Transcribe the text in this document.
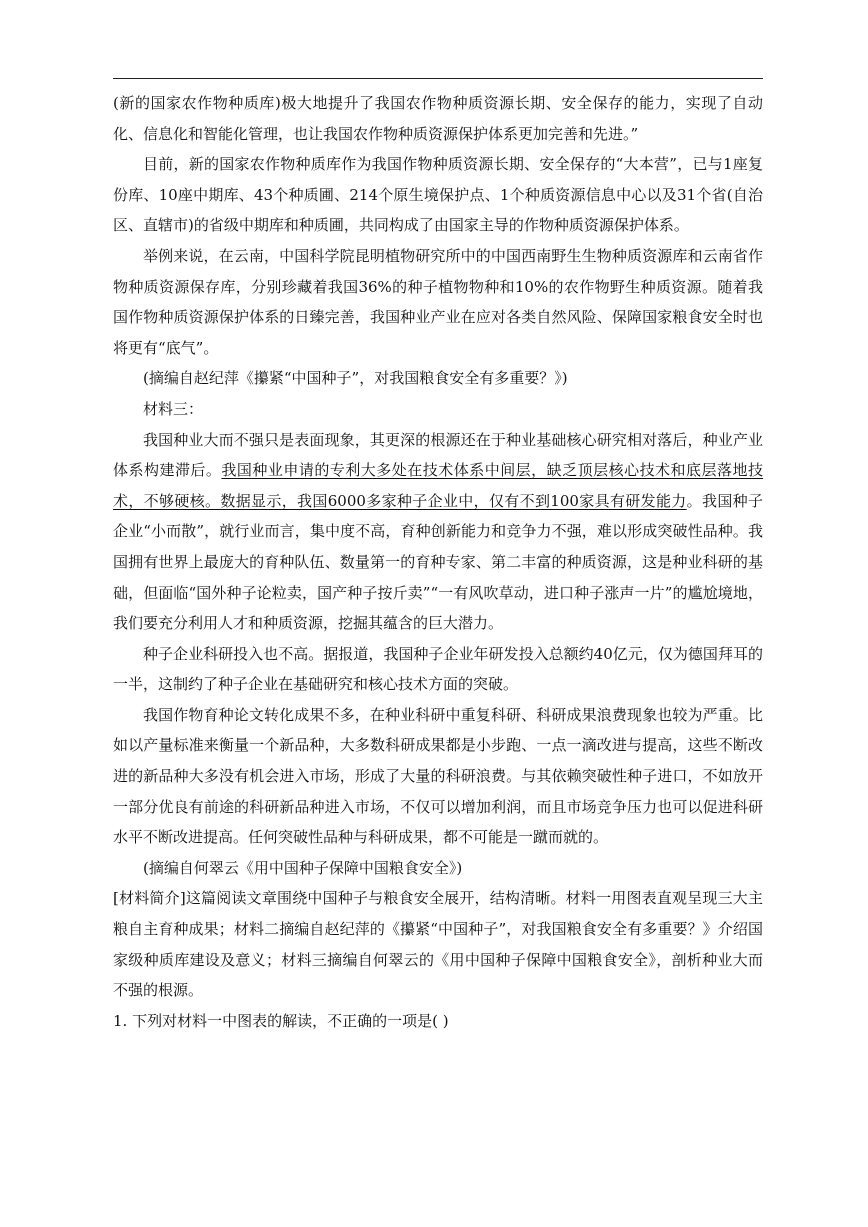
(新的国家农作物种质库)极大地提升了我国农作物种质资源长期、安全保存的能力，实现了自动化、信息化和智能化管理，也让我国农作物种质资源保护体系更加完善和先进。”

目前，新的国家农作物种质库作为我国作物种质资源长期、安全保存的“大本营”，已与1座复份库、10座中期库、43个种质圃、214个原生境保护点、1个种质资源信息中心以及31个省(自治区、直辖市)的省级中期库和种质圃，共同构成了由国家主导的作物种质资源保护体系。

举例来说，在云南，中国科学院昆明植物研究所中的中国西南野生生物种质资源库和云南省作物种质资源保存库，分别珍藏着我国36%的种子植物物种和10%的农作物野生种质资源。随着我国作物种质资源保护体系的日臻完善，我国种业产业在应对各类自然风险、保障国家粮食安全时也将更有“底气”。

(摘编自赵纪萍《攥紧“中国种子”，对我国粮食安全有多重要？》)

材料三：

我国种业大而不强只是表面现象，其更深的根源还在于种业基础核心研究相对落后，种业产业体系构建滞后。我国种业申请的专利大多处在技术体系中间层，缺乏顶层核心技术和底层落地技术，不够硬核。数据显示，我国6000多家种子企业中，仅有不到100家具有研发能力。我国种子企业“小而散”，就行业而言，集中度不高，育种创新能力和竞争力不强，难以形成突破性品种。我国拥有世界上最庞大的育种队伍、数量第一的育种专家、第二丰富的种质资源，这是种业科研的基础，但面临“国外种子论粒卖，国产种子按斤卖”“一有风吹草动，进口种子涨声一片”的尴尬境地，我们要充分利用人才和种质资源，挖掘其蕴含的巨大潜力。

种子企业科研投入也不高。据报道，我国种子企业年研发投入总额约40亿元，仅为德国拜耳的一半，这制约了种子企业在基础研究和核心技术方面的突破。

我国作物育种论文转化成果不多，在种业科研中重复科研、科研成果浪费现象也较为严重。比如以产量标准来衡量一个新品种，大多数科研成果都是小步跑、一点一滴改进与提高，这些不断改进的新品种大多没有机会进入市场，形成了大量的科研浪费。与其依赖突破性种子进口，不如放开一部分优良有前途的科研新品种进入市场，不仅可以增加利润，而且市场竞争压力也可以促进科研水平不断改进提高。任何突破性品种与科研成果，都不可能是一蹴而就的。

(摘编自何翠云《用中国种子保障中国粮食安全》)

[材料简介]这篇阅读文章围绕中国种子与粮食安全展开，结构清晰。材料一用图表直观呈现三大主粮自主育种成果；材料二摘编自赵纪萍的《攥紧“中国种子”，对我国粮食安全有多重要？》介绍国家级种质库建设及意义；材料三摘编自何翠云的《用中国种子保障中国粮食安全》，剖析种业大而不强的根源。

1. 下列对材料一中图表的解读，不正确的一项是( )
